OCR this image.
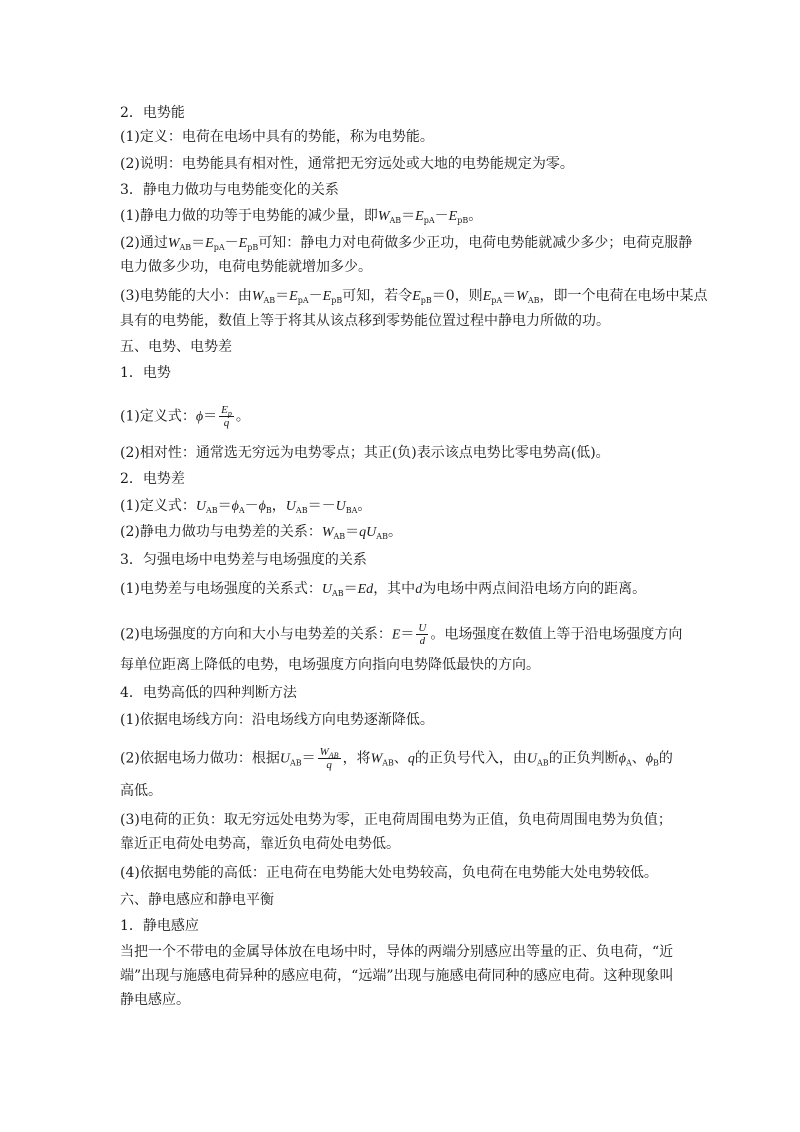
2．电势能
(1)定义：电荷在电场中具有的势能，称为电势能。
(2)说明：电势能具有相对性，通常把无穷远处或大地的电势能规定为零。
3．静电力做功与电势能变化的关系
(1)静电力做的功等于电势能的减少量，即$W_{AB}=E_{pA}-E_{pB}$。
(2)通过$W_{AB}=E_{pA}-E_{pB}$可知：静电力对电荷做多少正功，电荷电势能就减少多少；电荷克服静
电力做多少功，电荷电势能就增加多少。
(3)电势能的大小：由$W_{AB}=E_{pA}-E_{pB}$可知，若令$E_{pB}=0$，则$E_{pA}=W_{AB}$，即一个电荷在电场中某点
具有的电势能，数值上等于将其从该点移到零势能位置过程中静电力所做的功。
五、电势、电势差
1．电势
(1)定义式：$\phi= \frac{E_p}{q}$ 。
(2)相对性：通常选无穷远为电势零点；其正(负)表示该点电势比零电势高(低)。
2．电势差
(1)定义式：$U_{AB}=\phi_A-\phi_B$，$U_{AB}=-U_{BA}$。
(2)静电力做功与电势差的关系：$W_{AB}=qU_{AB}$。
3．匀强电场中电势差与电场强度的关系
(1)电势差与电场强度的关系式：$U_{AB}=Ed$，其中d为电场中两点间沿电场方向的距离。
(2)电场强度的方向和大小与电势差的关系：$E= \frac{U}{d}$ 。电场强度在数值上等于沿电场强度方向
每单位距离上降低的电势，电场强度方向指向电势降低最快的方向。
4．电势高低的四种判断方法
(1)依据电场线方向：沿电场线方向电势逐渐降低。
(2)依据电场力做功：根据$U_{AB}= \frac{W_{AB}}{q}$ ，将$W_{AB}$、q的正负号代入，由$U_{AB}$的正负判断$\phi_A$、$\phi_B$的
高低。
(3)电荷的正负：取无穷远处电势为零，正电荷周围电势为正值，负电荷周围电势为负值；
靠近正电荷处电势高，靠近负电荷处电势低。
(4)依据电势能的高低：正电荷在电势能大处电势较高，负电荷在电势能大处电势较低。
六、静电感应和静电平衡
1．静电感应
当把一个不带电的金属导体放在电场中时，导体的两端分别感应出等量的正、负电荷，“近端”出现与施感电荷异种的感应电荷，“远端”出现与施感电荷同种的感应电荷。这种现象叫静电感应。
